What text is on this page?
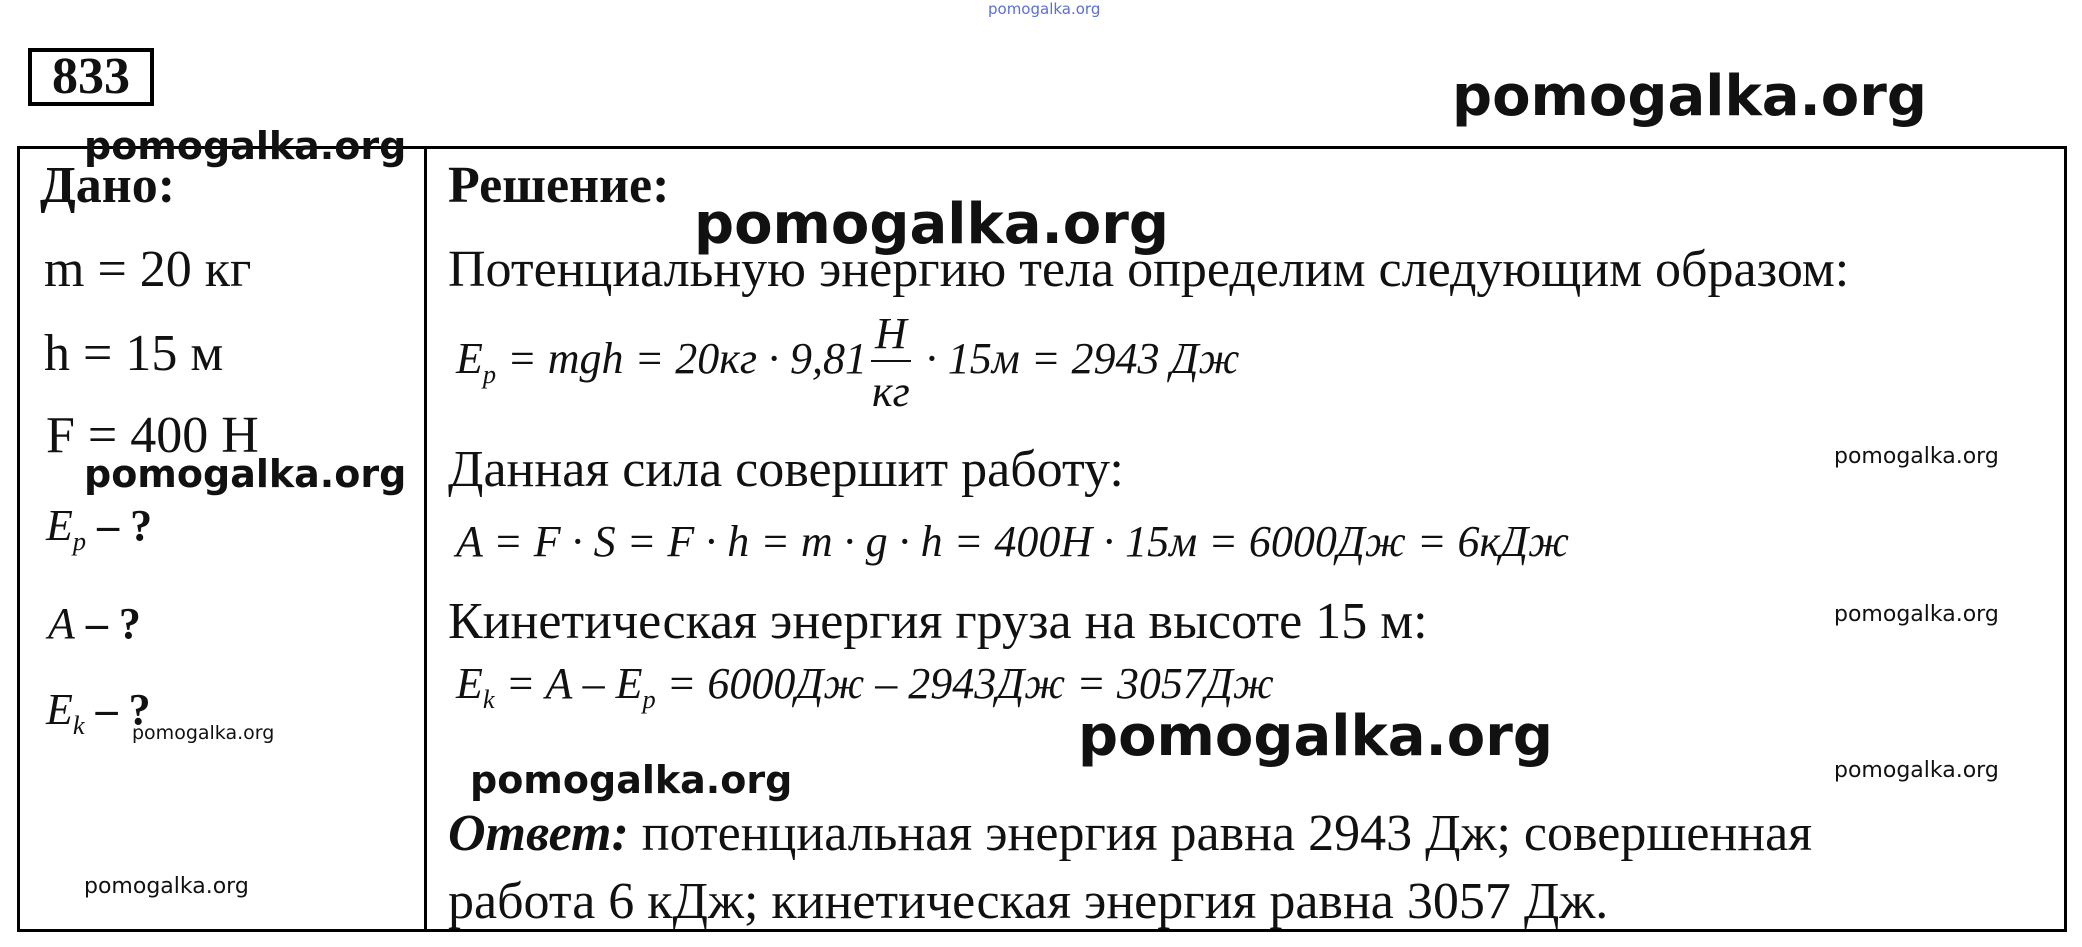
pomogalka.org
833	pomogalka.org
pomogalka.org
Дано:
m = 20 кг
h = 15 м
F = 400 Н
pomogalka.org
$E_p$ – ?
A – ?
$E_k$ – ?
pomogalka.org
pomogalka.org
Решение:
pomogalka.org
Потенциальную энергию тела определим следующим образом:
$E_p$ = mgh = $20кг \cdot 9,81 \frac{Н}{кг} \cdot 15м = 2943$ Дж
Данная сила совершит работу:	pomogalka.org
A = F · S = F · h = m · g · h = 400Н · 15м = 6000Дж = 6кДж
Кинетическая энергия груза на высоте 15 м:	pomogalka.org
$E_k = A - E_p = 6000Дж - 2943Дж = 3057Дж$
pomogalka.org
pomogalka.org	pomogalka.org
Ответ: потенциальная энергия равна 2943 Дж; совершенная
работа 6 кДж; кинетическая энергия равна 3057 Дж.
